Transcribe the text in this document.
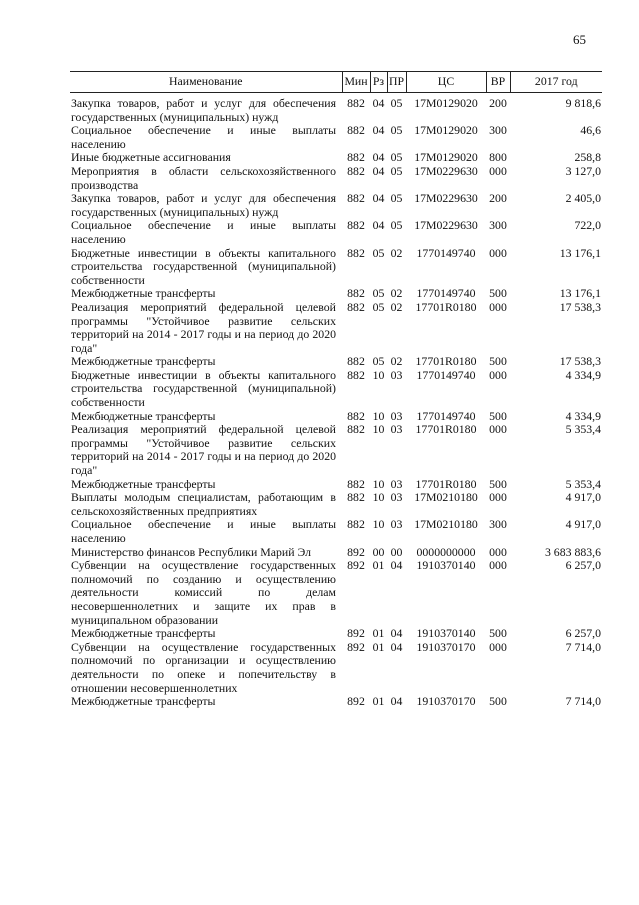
65
Наименование	Мин	Рз	ПР	ЦС	ВР	2017 год
Закупка товаров, работ и услуг для обеспечения государственных (муниципальных) нужд	882	04	05	17М0129020	200	9 818,6
Социальное обеспечение и иные выплаты населению	882	04	05	17М0129020	300	46,6
Иные бюджетные ассигнования	882	04	05	17М0129020	800	258,8
Мероприятия в области сельскохозяйственного производства	882	04	05	17М0229630	000	3 127,0
Закупка товаров, работ и услуг для обеспечения государственных (муниципальных) нужд	882	04	05	17М0229630	200	2 405,0
Социальное обеспечение и иные выплаты населению	882	04	05	17М0229630	300	722,0
Бюджетные инвестиции в объекты капитального строительства государственной (муниципальной) собственности	882	05	02	1770149740	000	13 176,1
Межбюджетные трансферты	882	05	02	1770149740	500	13 176,1
Реализация мероприятий федеральной целевой программы "Устойчивое развитие сельских территорий на 2014 - 2017 годы и на период до 2020 года"	882	05	02	17701R0180	000	17 538,3
Межбюджетные трансферты	882	05	02	17701R0180	500	17 538,3
Бюджетные инвестиции в объекты капитального строительства государственной (муниципальной) собственности	882	10	03	1770149740	000	4 334,9
Межбюджетные трансферты	882	10	03	1770149740	500	4 334,9
Реализация мероприятий федеральной целевой программы "Устойчивое развитие сельских территорий на 2014 - 2017 годы и на период до 2020 года"	882	10	03	17701R0180	000	5 353,4
Межбюджетные трансферты	882	10	03	17701R0180	500	5 353,4
Выплаты молодым специалистам, работающим в сельскохозяйственных предприятиях	882	10	03	17М0210180	000	4 917,0
Социальное обеспечение и иные выплаты населению	882	10	03	17М0210180	300	4 917,0
Министерство финансов Республики Марий Эл	892	00	00	0000000000	000	3 683 883,6
Субвенции на осуществление государственных полномочий по созданию и осуществлению деятельности комиссий по делам несовершеннолетних и защите их прав в муниципальном образовании	892	01	04	1910370140	000	6 257,0
Межбюджетные трансферты	892	01	04	1910370140	500	6 257,0
Субвенции на осуществление государственных полномочий по организации и осуществлению деятельности по опеке и попечительству в отношении несовершеннолетних	892	01	04	1910370170	000	7 714,0
Межбюджетные трансферты	892	01	04	1910370170	500	7 714,0
